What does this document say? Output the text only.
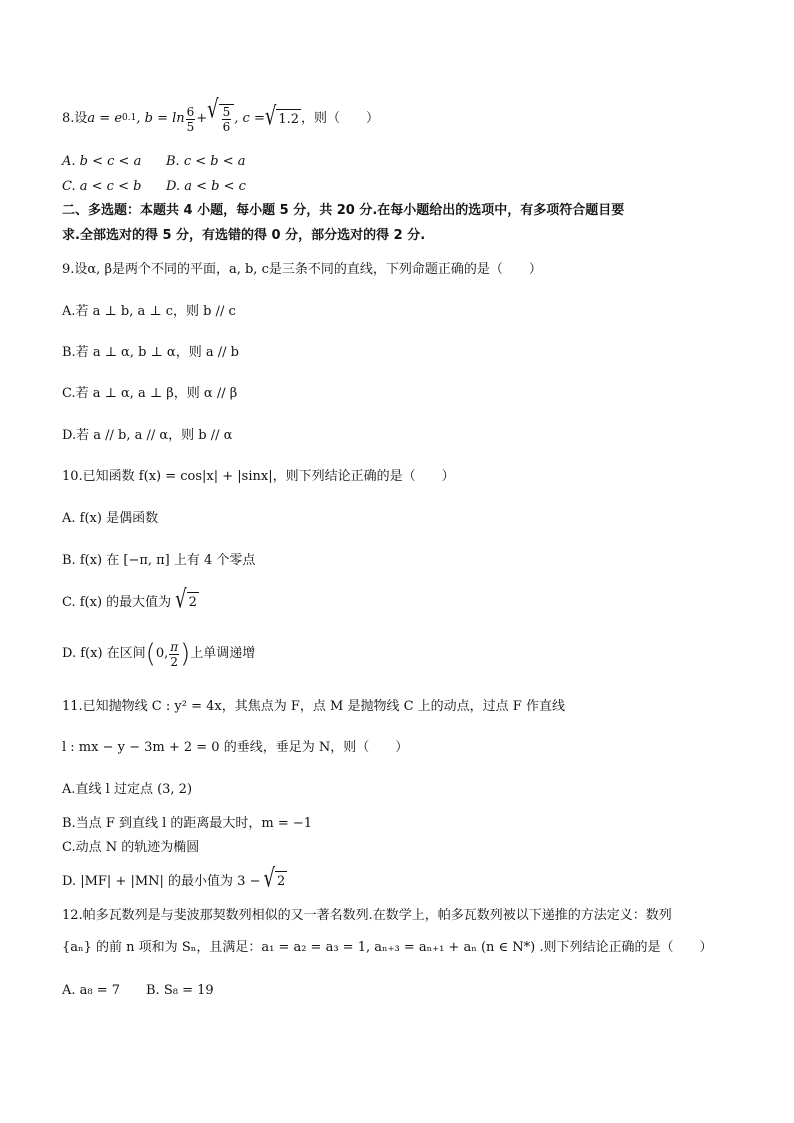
8.设 a = e 0.1 , $b = \ln \frac{6}{5}$ + √ $\frac{5}{6}$ , c = √ 1.2 ，则（　　）
A. b < c < a B. c < b < a
C. a < c < b D. a < b < c
二、多选题：本题共 4 小题，每小题 5 分，共 20 分.在每小题给出的选项中，有多项符合题目要
求.全部选对的得 5 分，有选错的得 0 分，部分选对的得 2 分.
9.设α, β是两个不同的平面，a, b, c是三条不同的直线，下列命题正确的是（　　）
A.若 a ⊥ b, a ⊥ c，则 b // c
B.若 a ⊥ α, b ⊥ α，则 a // b
C.若 a ⊥ α, a ⊥ β，则 α // β
D.若 a // b, a // α，则 b // α
10.已知函数 f(x) = cos|x| + |sinx|，则下列结论正确的是（　　）
A. f(x) 是偶函数
B. f(x) 在 [−π, π] 上有 4 个零点
C. f(x) 的最大值为 √ 2
D. f(x) 在区间 ( 0, $\frac{\pi}{2}$ ) 上单调递增
11.已知抛物线 C : y² = 4x，其焦点为 F，点 M 是抛物线 C 上的动点，过点 F 作直线
l : mx − y − 3m + 2 = 0 的垂线，垂足为 N，则（　　）
A.直线 l 过定点 (3, 2)
B.当点 F 到直线 l 的距离最大时，m = −1
C.动点 N 的轨迹为椭圆
D. |MF| + |MN| 的最小值为 3 − √ 2
12.帕多瓦数列是与斐波那契数列相似的又一著名数列.在数学上，帕多瓦数列被以下递推的方法定义：数列
{aₙ} 的前 n 项和为 Sₙ，且满足：a₁ = a₂ = a₃ = 1, aₙ₊₃ = aₙ₊₁ + aₙ (n ∈ N*) .则下列结论正确的是（　　）
A. a₈ = 7 B. S₈ = 19
